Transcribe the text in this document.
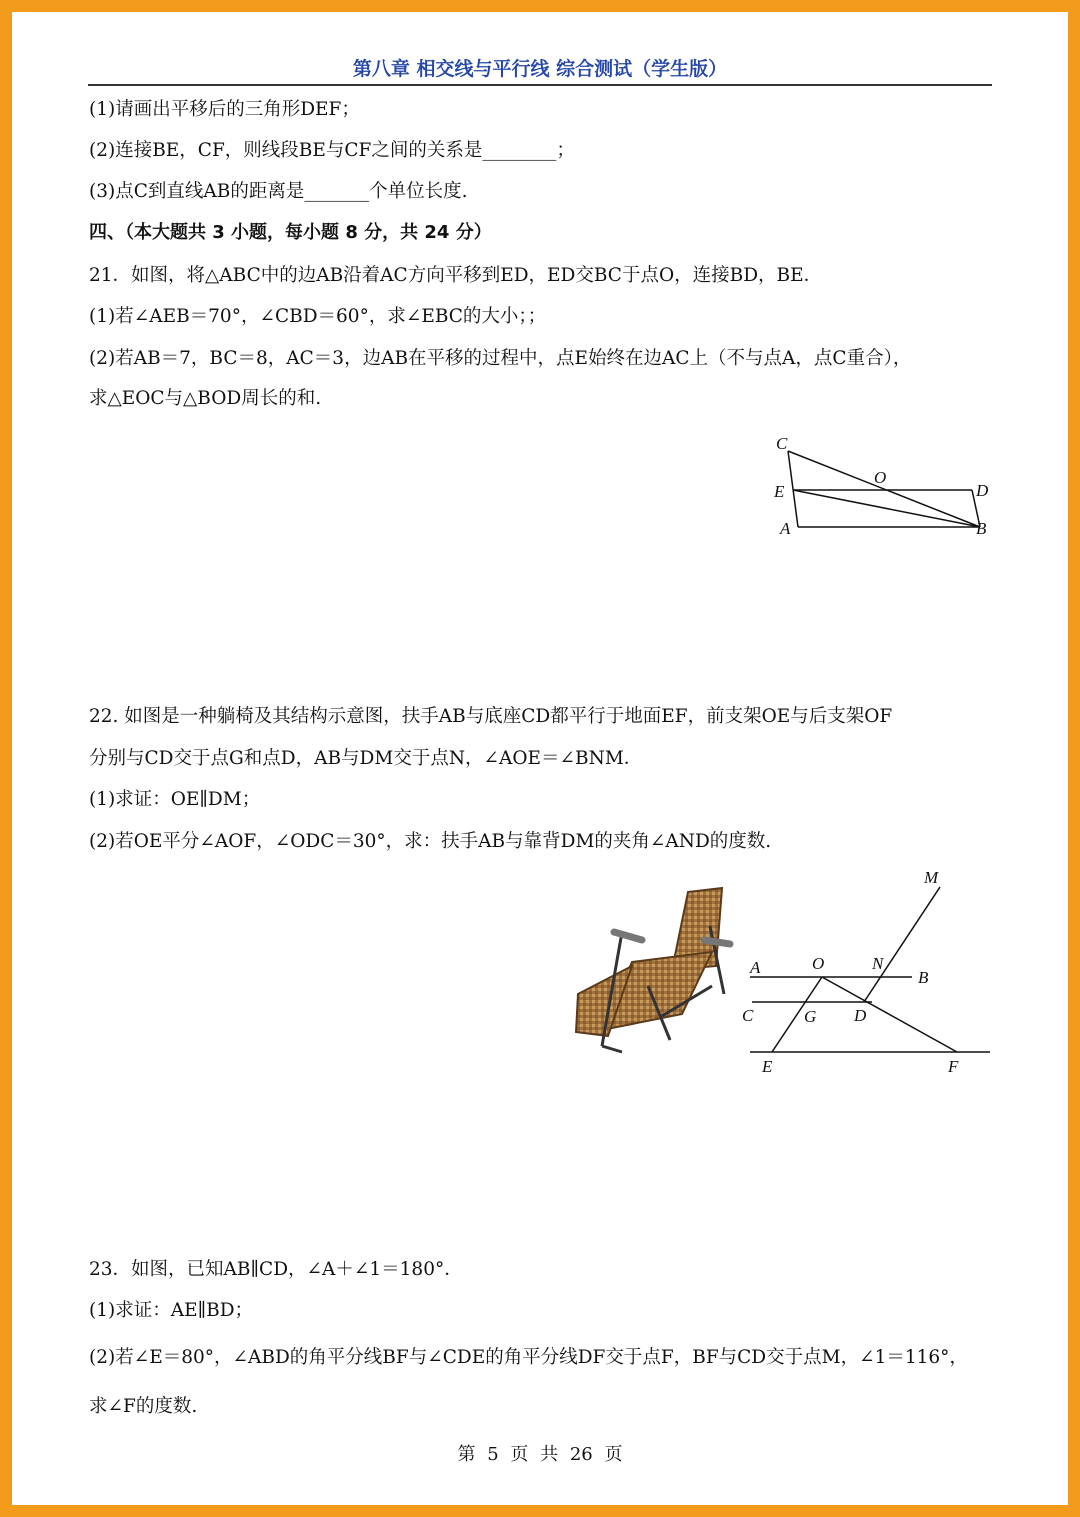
第八章 相交线与平行线 综合测试（学生版）
(1)请画出平移后的三角形DEF；
(2)连接BE，CF，则线段BE与CF之间的关系是________；
(3)点C到直线AB的距离是_______个单位长度.
四、（本大题共 3 小题，每小题 8 分，共 24 分）
21．如图，将△ABC中的边AB沿着AC方向平移到ED，ED交BC于点O，连接BD，BE．
(1)若∠AEB＝70°，∠CBD＝60°，求∠EBC的大小；；
(2)若AB＝7，BC＝8，AC＝3，边AB在平移的过程中，点E始终在边AC上（不与点A，点C重合），
求△EOC与△BOD周长的和.
C
O
E	D
A	B
22. 如图是一种躺椅及其结构示意图，扶手AB与底座CD都平行于地面EF，前支架OE与后支架OF
分别与CD交于点G和点D，AB与DM交于点N，∠AOE＝∠BNM．
(1)求证：OE∥DM；
(2)若OE平分∠AOF，∠ODC＝30°，求：扶手AB与靠背DM的夹角∠AND的度数.
M
A	O	N
B
C	G D
E	F
23．如图，已知AB∥CD，∠A＋∠1＝180°．
(1)求证：AE∥BD；
(2)若∠E＝80°，∠ABD的角平分线BF与∠CDE的角平分线DF交于点F，BF与CD交于点M，∠1＝116°，
求∠F的度数.
第 5 页 共 26 页
